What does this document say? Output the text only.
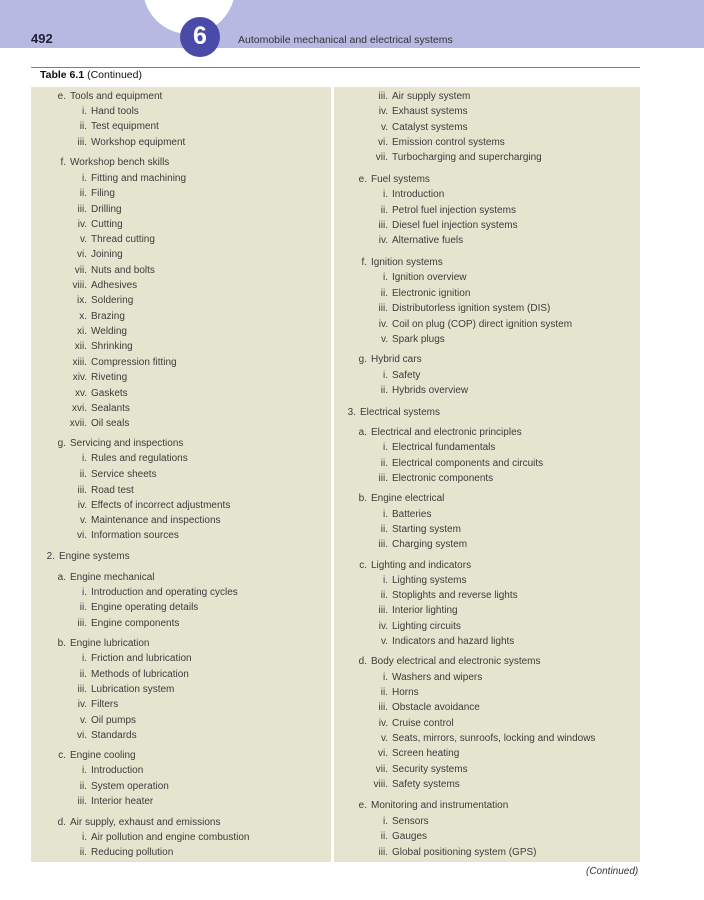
6
492	Automobile mechanical and electrical systems
Table 6.1 (Continued)
e. Tools and equipment
i. Hand tools
ii. Test equipment
iii. Workshop equipment
f. Workshop bench skills
i. Fitting and machining
ii. Filing
iii. Drilling
iv. Cutting
v. Thread cutting
vi. Joining
vii. Nuts and bolts
viii. Adhesives
ix. Soldering
x. Brazing
xi. Welding
xii. Shrinking
xiii. Compression fitting
xiv. Riveting
xv. Gaskets
xvi. Sealants
xvii. Oil seals
g. Servicing and inspections
i. Rules and regulations
ii. Service sheets
iii. Road test
iv. Effects of incorrect adjustments
v. Maintenance and inspections
vi. Information sources
2. Engine systems
a. Engine mechanical
i. Introduction and operating cycles
ii. Engine operating details
iii. Engine components
b. Engine lubrication
i. Friction and lubrication
ii. Methods of lubrication
iii. Lubrication system
iv. Filters
v. Oil pumps
vi. Standards
c. Engine cooling
i. Introduction
ii. System operation
iii. Interior heater
d. Air supply, exhaust and emissions
i. Air pollution and engine combustion
ii. Reducing pollution
iii. Air supply system
iv. Exhaust systems
v. Catalyst systems
vi. Emission control systems
vii. Turbocharging and supercharging
e. Fuel systems
i. Introduction
ii. Petrol fuel injection systems
iii. Diesel fuel injection systems
iv. Alternative fuels
f. Ignition systems
i. Ignition overview
ii. Electronic ignition
iii. Distributorless ignition system (DIS)
iv. Coil on plug (COP) direct ignition system
v. Spark plugs
g. Hybrid cars
i. Safety
ii. Hybrids overview
3. Electrical systems
a. Electrical and electronic principles
i. Electrical fundamentals
ii. Electrical components and circuits
iii. Electronic components
b. Engine electrical
i. Batteries
ii. Starting system
iii. Charging system
c. Lighting and indicators
i. Lighting systems
ii. Stoplights and reverse lights
iii. Interior lighting
iv. Lighting circuits
v. Indicators and hazard lights
d. Body electrical and electronic systems
i. Washers and wipers
ii. Horns
iii. Obstacle avoidance
iv. Cruise control
v. Seats, mirrors, sunroofs, locking and windows
vi. Screen heating
vii. Security systems
viii. Safety systems
e. Monitoring and instrumentation
i. Sensors
ii. Gauges
iii. Global positioning system (GPS)
(Continued)
